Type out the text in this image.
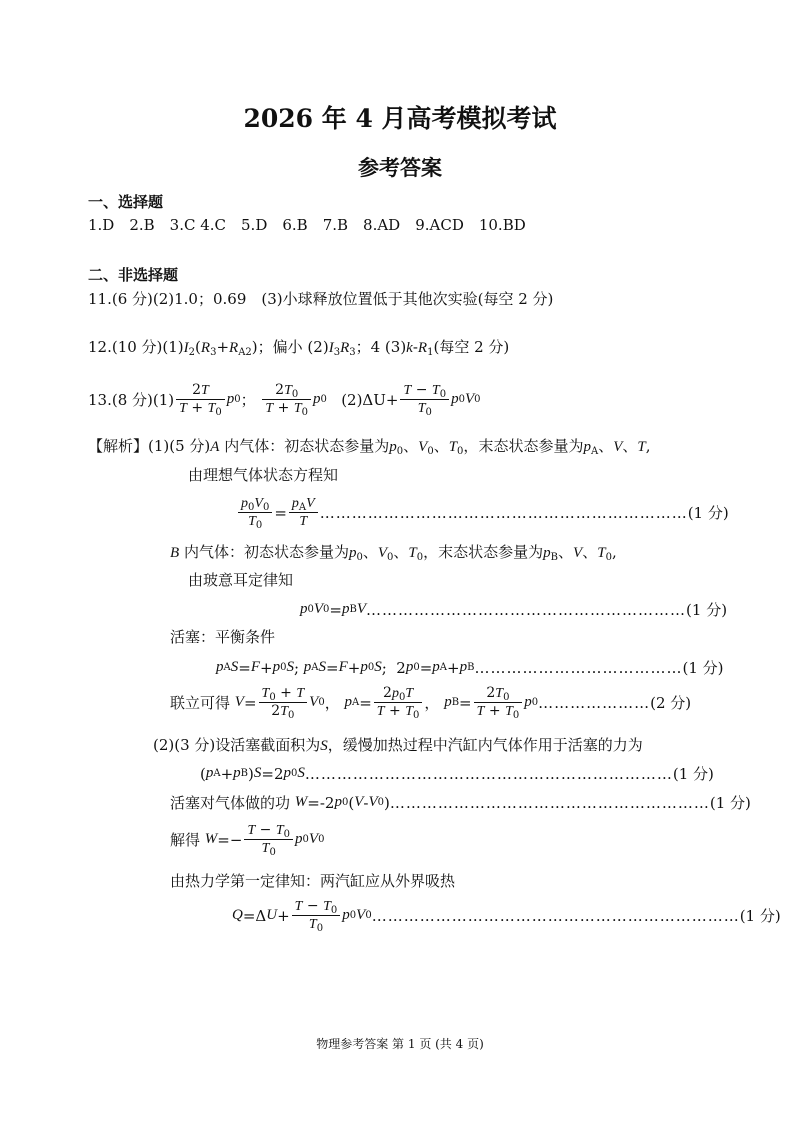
2026 年 4 月高考模拟考试
参考答案
一、选择题
1.D　2.B　3.C 4.C　5.D　6.B　7.B　8.AD　9.ACD　10.BD
二、非选择题
11.(6 分)(2)1.0；0.69　(3)小球释放位置低于其他次实验(每空 2 分)
12.(10 分)$(1)I_2(R_3+R_{A2})$；偏小 $(2)I_3R_3$；4 $(3)k-R_1$(每空 2 分)
13.(8 分)$(1) \frac{2T}{T + T_0}$ p 0 ； $\frac{2T_0}{T + T_0}$ p 0
$(2)\Delta U+ \frac{T - T_0}{T_0}$ p 0 V 0
【解析】(1)(5 分)A 内气体：初态状态参量为$p_0$、$V_0$、$T_0$，末态状态参量为$p_A$、V、T,
由理想气体状态方程知
$\frac{p_0V_0}{T_0} = \frac{p_AV}{T}$ …………………………………………………………… (1 分)
B 内气体：初态状态参量为$p_0$、$V_0$、$T_0$，末态状态参量为$p_B$、V、$T_0$,
由玻意耳定律知
p 0 V 0 = p B V …………………………………………………… (1 分)
活塞：平衡条件
p A S = F + p 0 S ; p A S = F + p 0 S ;  2 p 0 = p A + p B ………………………………… (1 分)
联立可得
$V = \frac{T_0 + T}{2T_0}$ V 0 ， p $A = \frac{2p_0T}{T + T_0}$ ， p $B = \frac{2T_0}{T + T_0}$ p 0 ………………… (2 分)
(2)(3 分)设活塞截面积为S，缓慢加热过程中汽缸内气体作用于活塞的力为
( p A + p B ) S =2 p 0 S …………………………………………………………… (1 分)
活塞对气体做的功
W =-2 p 0 ( V - V 0 ) …………………………………………………… (1 分)
解得
$W =- \frac{T - T_0}{T_0}$ p 0 V 0
由热力学第一定律知：两汽缸应从外界吸热
Q =Δ $U + \frac{T - T_0}{T_0}$ p 0 V 0 …………………………………………………………… (1 分)
物理参考答案 第 1 页 (共 4 页)
